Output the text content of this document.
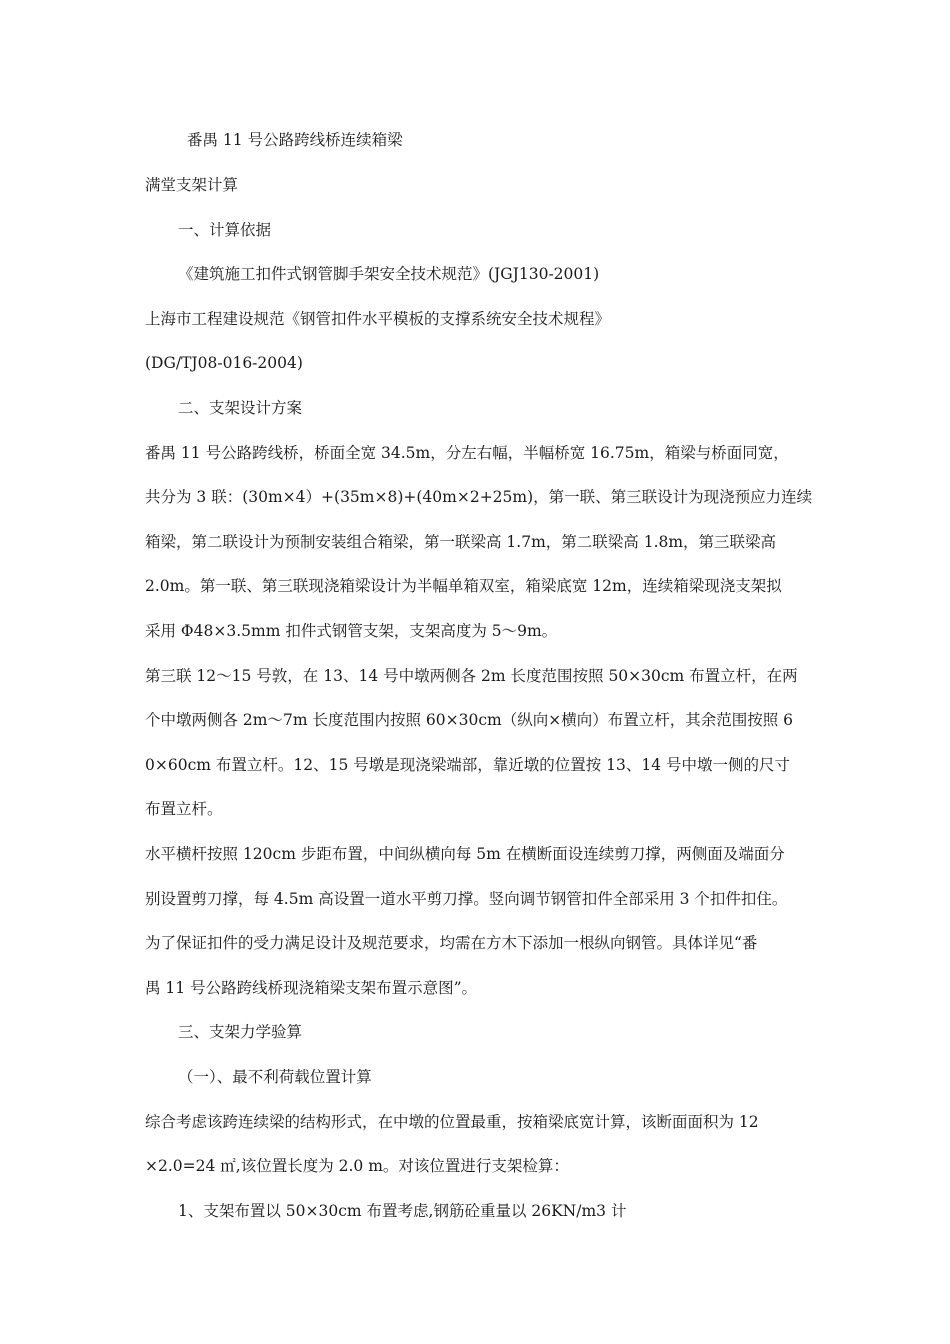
番禺 11 号公路跨线桥连续箱梁
满堂支架计算
一、计算依据
《建筑施工扣件式钢管脚手架安全技术规范》(JGJ130-2001)
上海市工程建设规范《钢管扣件水平模板的支撑系统安全技术规程》
(DG/TJ08-016-2004)
二、支架设计方案
番禺 11 号公路跨线桥，桥面全宽 34.5m，分左右幅，半幅桥宽 16.75m，箱梁与桥面同宽，
共分为 3 联：(30m×4）+(35m×8)+(40m×2+25m)，第一联、第三联设计为现浇预应力连续
箱梁，第二联设计为预制安装组合箱梁，第一联梁高 1.7m，第二联梁高 1.8m，第三联梁高
2.0m。第一联、第三联现浇箱梁设计为半幅单箱双室，箱梁底宽 12m，连续箱梁现浇支架拟
采用 Φ48×3.5mm 扣件式钢管支架，支架高度为 5～9m。
第三联 12～15 号敦，在 13、14 号中墩两侧各 2m 长度范围按照 50×30cm 布置立杆，在两
个中墩两侧各 2m～7m 长度范围内按照 60×30cm（纵向×横向）布置立杆，其余范围按照 6
0×60cm 布置立杆。12、15 号墩是现浇梁端部，靠近墩的位置按 13、14 号中墩一侧的尺寸
布置立杆。
水平横杆按照 120cm 步距布置，中间纵横向每 5m 在横断面设连续剪刀撑，两侧面及端面分
别设置剪刀撑，每 4.5m 高设置一道水平剪刀撑。竖向调节钢管扣件全部采用 3 个扣件扣住。
为了保证扣件的受力满足设计及规范要求，均需在方木下添加一根纵向钢管。具体详见“番
禺 11 号公路跨线桥现浇箱梁支架布置示意图”。
三、支架力学验算
（一）、最不利荷载位置计算
综合考虑该跨连续梁的结构形式，在中墩的位置最重，按箱梁底宽计算，该断面面积为 12
×2.0=24 ㎡,该位置长度为 2.0 m。对该位置进行支架检算：
1、支架布置以 50×30cm 布置考虑,钢筋砼重量以 26KN/m3 计
